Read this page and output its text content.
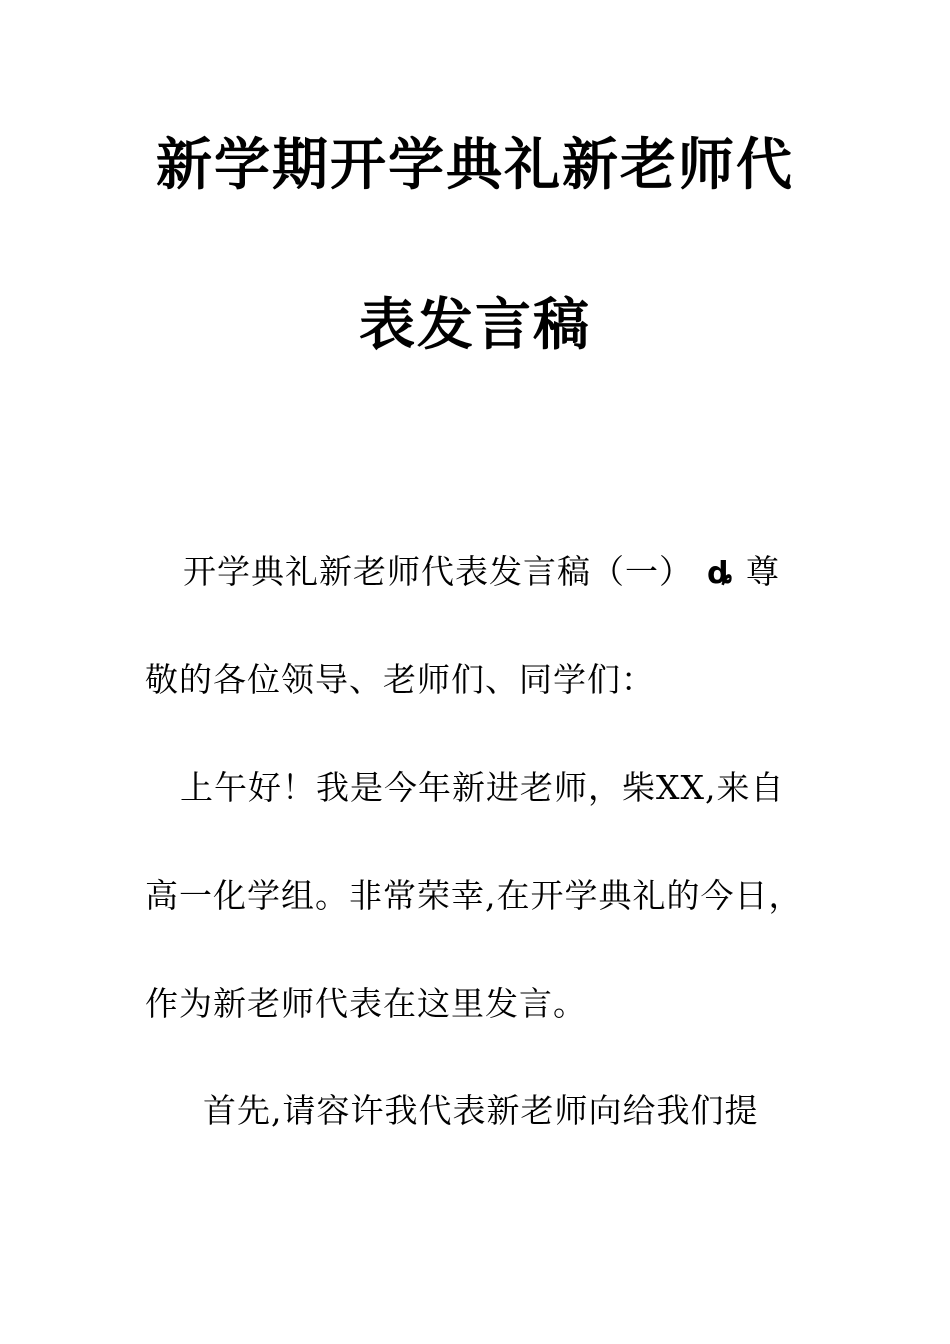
新学期开学典礼新老师代
表发言稿
开学典礼新老师代表发言稿（一） ȡ 尊
敬的各位领导、老师们、同学们：
上午好！我是今年新进老师，柴XX,来自
高一化学组。非常荣幸,在开学典礼的今日，
作为新老师代表在这里发言。
首先,请容许我代表新老师向给我们提
